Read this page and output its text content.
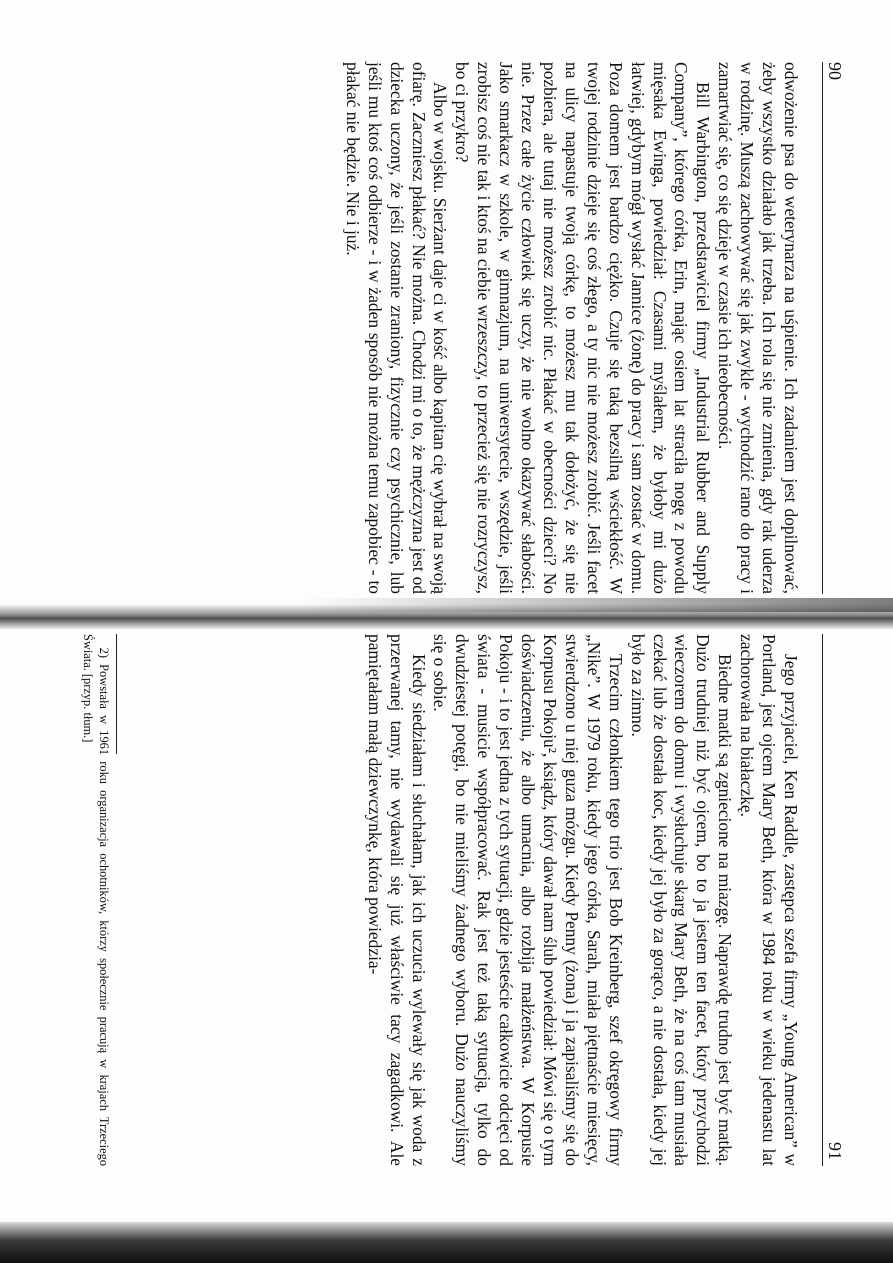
90

odwożenie psa do weterynarza na uśpienie. Ich zadaniem jest dopilnować, żeby wszystko działało jak trzeba. Ich rola się nie zmienia, gdy rak uderza w rodzinę. Muszą zachowywać się jak zwykle - wychodzić rano do pracy i zamartwiać się, co się dzieje w czasie ich nieobecności.

Bill Warbington, przedstawiciel firmy „Industrial Rubber and Supply Company”, którego córka, Erin, mając osiem lat straciła nogę z powodu mięsaka Ewinga, powiedział: Czasami myślałem, że byłoby mi dużo łatwiej, gdybym mógł wysłać Jannice (żonę) do pracy i sam zostać w domu. Poza domem jest bardzo ciężko. Czuje się taką bezsilną wściekłość. W twojej rodzinie dzieje się coś złego, a ty nic nie możesz zrobić. Jeśli facet na ulicy napastuje twoją córkę, to możesz mu tak dołożyć, że się nie pozbiera, ale tutaj nie możesz zrobić nic. Płakać w obecności dzieci? No nie. Przez całe życie człowiek się uczy, że nie wolno okazywać słabości. Jako smarkacz w szkole, w gimnazjum, na uniwersytecie, wszędzie, jeśli zrobisz coś nie tak i ktoś na ciebie wrzeszczy, to przecież się nie rozryczysz, bo ci przykro?

Albo w wojsku. Sierżant daje ci w kość albo kapitan cię wybrał na swoją ofiarę. Zaczniesz płakać? Nie można. Chodzi mi o to, że mężczyzna jest od dziecka uczony, że jeśli zostanie zraniony, fizycznie czy psychicznie, lub jeśli mu ktoś coś odbierze - i w żaden sposób nie można temu zapobiec - to płakać nie będzie. Nie i już.

91

Jego przyjaciel, Ken Raddle, zastępca szefa firmy „Young American” w Portland, jest ojcem Mary Beth, która w 1984 roku w wieku jedenastu lat zachorowała na białaczkę.

Biedne matki są zgniecione na miazgę. Naprawdę trudno jest być matką. Dużo trudniej niż być ojcem, bo to ja jestem ten facet, który przychodzi wieczorem do domu i wysłuchuje skarg Mary Beth, że na coś tam musiała czekać lub że dostała koc, kiedy jej było za gorąco, a nie dostała, kiedy jej było za zimno.

Trzecim członkiem tego trio jest Bob Kreinberg, szef okręgowy firmy „Nike”. W 1979 roku, kiedy jego córka, Sarah, miała piętnaście miesięcy, stwierdzono u niej guza mózgu. Kiedy Penny (żona) i ja zapisaliśmy się do Korpusu Pokoju², ksiądz, który dawał nam ślub powiedział: Mówi się o tym doświadczeniu, że albo umacnia, albo rozbija małżeństwa. W Korpusie Pokoju - i to jest jedna z tych sytuacji, gdzie jesteście całkowicie odcięci od świata - musicie współpracować. Rak jest też taką sytuacją, tylko do dwudziestej potęgi, bo nie mieliśmy żadnego wyboru. Dużo nauczyliśmy się o sobie.

Kiedy siedziałam i słuchałam, jak ich uczucia wylewały się jak woda z przerwanej tamy, nie wydawali się już właściwie tacy zagadkowi. Ale pamiętałam małą dziewczynkę, która powiedzia-

2) Powstała w 1961 roku organizacja ochotników, którzy społecznie pracują w krajach Trzeciego Świata. [przyp. tłum.]
